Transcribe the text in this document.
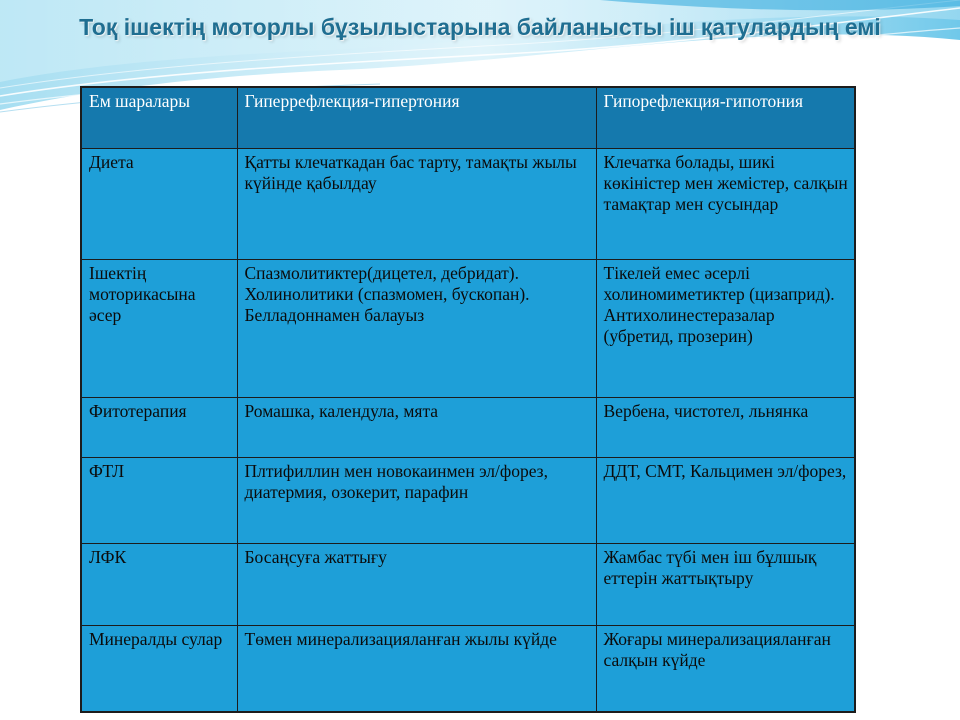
Тоқ ішектің моторлы бұзылыстарына байланысты іш қатулардың емі
Ем шаралары	Гиперрефлекция-гипертония	Гипорефлекция-гипотония
Диета	Қатты клечаткадан бас тарту, тамақты жылы күйінде қабылдау	Клечатка болады, шикі көкіністер мен жемістер, салқын тамақтар мен сусындар
Ішектің моторикасына әсер	Спазмолитиктер(дицетел, дебридат). Холинолитики (спазмомен, бускопан). Белладоннамен балауыз	Тікелей емес әсерлі холиномиметиктер (цизаприд). Антихолинестеразалар (убретид, прозерин)
Фитотерапия	Ромашка, календула, мята	Вербена, чистотел, льнянка
ФТЛ	Плтифиллин мен новокаинмен эл/форез, диатермия, озокерит, парафин	ДДТ, СМТ, Кальцимен эл/форез,
ЛФК	Босаңсуға жаттығу	Жамбас түбі мен іш бұлшық еттерін жаттықтыру
Минералды сулар	Төмен минерализацияланған жылы күйде	Жоғары минерализацияланған салқын күйде
